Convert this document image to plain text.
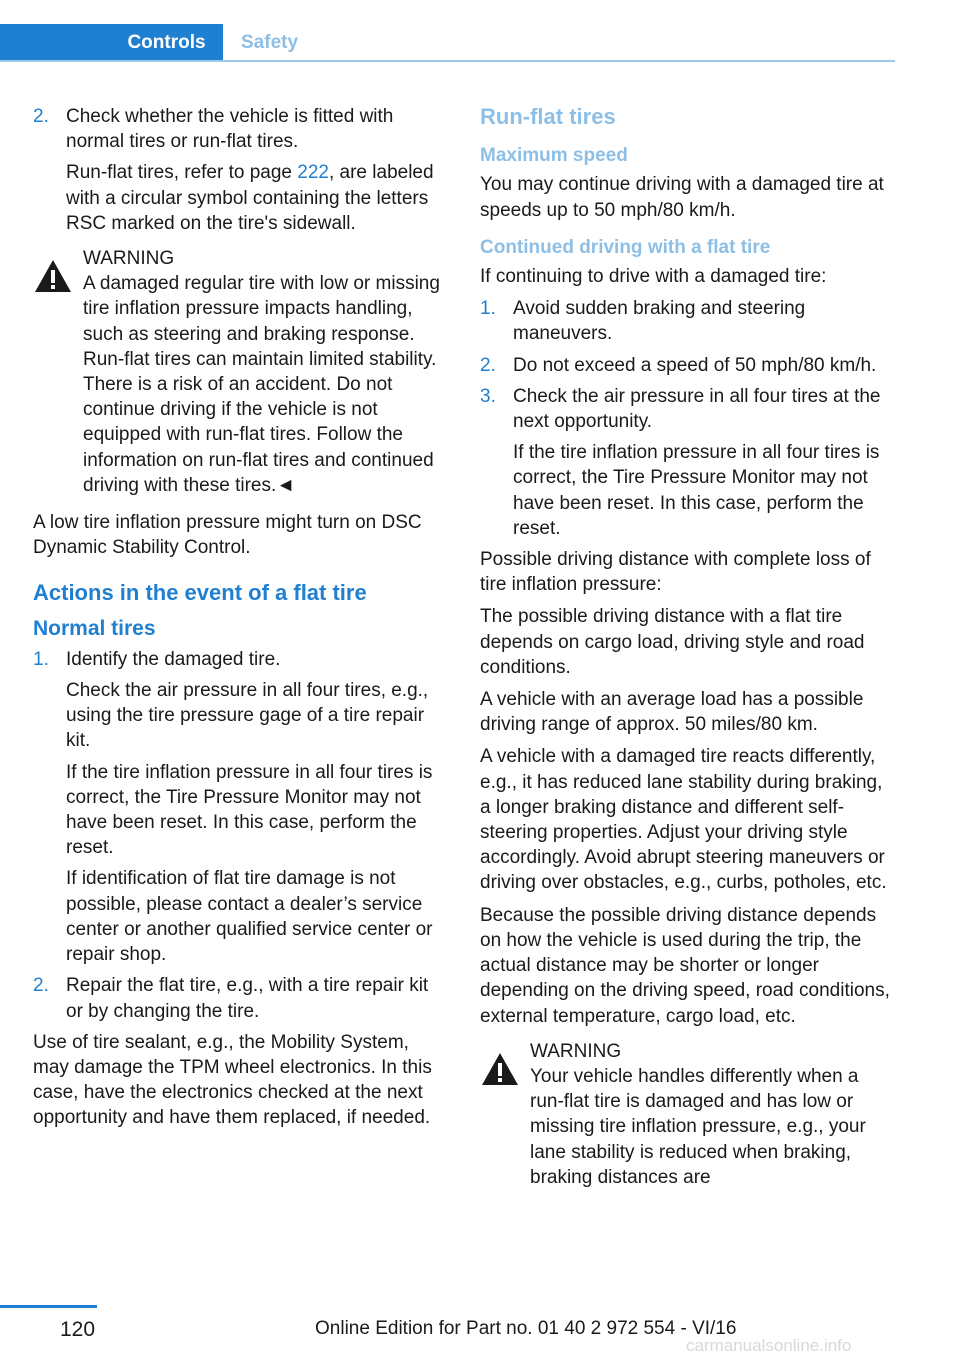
Controls	Safety
2. Check whether the vehicle is fitted with normal tires or run-flat tires.

Run-flat tires, refer to page 222, are labeled with a circular symbol containing the letters RSC marked on the tire's sidewall.

WARNING
A damaged regular tire with low or missing tire inflation pressure impacts handling, such as steering and braking response. Run-flat tires can maintain limited stability. There is a risk of an accident. Do not continue driving if the vehicle is not equipped with run-flat tires. Follow the information on run-flat tires and continued driving with these tires.◄

A low tire inflation pressure might turn on DSC Dynamic Stability Control.

Actions in the event of a flat tire
Normal tires
1. Identify the damaged tire.

Check the air pressure in all four tires, e.g., using the tire pressure gage of a tire repair kit.

If the tire inflation pressure in all four tires is correct, the Tire Pressure Monitor may not have been reset. In this case, perform the reset.

If identification of flat tire damage is not possible, please contact a dealer’s service center or another qualified service center or repair shop.

2. Repair the flat tire, e.g., with a tire repair kit or by changing the tire.

Use of tire sealant, e.g., the Mobility System, may damage the TPM wheel electronics. In this case, have the electronics checked at the next opportunity and have them replaced, if needed.

Run-flat tires
Maximum speed

You may continue driving with a damaged tire at speeds up to 50 mph/80 km/h.

Continued driving with a flat tire

If continuing to drive with a damaged tire:

1. Avoid sudden braking and steering maneuvers.

2. Do not exceed a speed of 50 mph/80 km/h.

3. Check the air pressure in all four tires at the next opportunity.

If the tire inflation pressure in all four tires is correct, the Tire Pressure Monitor may not have been reset. In this case, perform the reset.

Possible driving distance with complete loss of tire inflation pressure:

The possible driving distance with a flat tire depends on cargo load, driving style and road conditions.

A vehicle with an average load has a possible driving range of approx. 50 miles/80 km.

A vehicle with a damaged tire reacts differently, e.g., it has reduced lane stability during braking, a longer braking distance and different self-steering properties. Adjust your driving style accordingly. Avoid abrupt steering maneuvers or driving over obstacles, e.g., curbs, potholes, etc.

Because the possible driving distance depends on how the vehicle is used during the trip, the actual distance may be shorter or longer depending on the driving speed, road conditions, external temperature, cargo load, etc.

WARNING
Your vehicle handles differently when a run-flat tire is damaged and has low or missing tire inflation pressure, e.g., your lane stability is reduced when braking, braking distances are
120	Online Edition for Part no. 01 40 2 972 554 - VI/16
carmanualsonline.info
